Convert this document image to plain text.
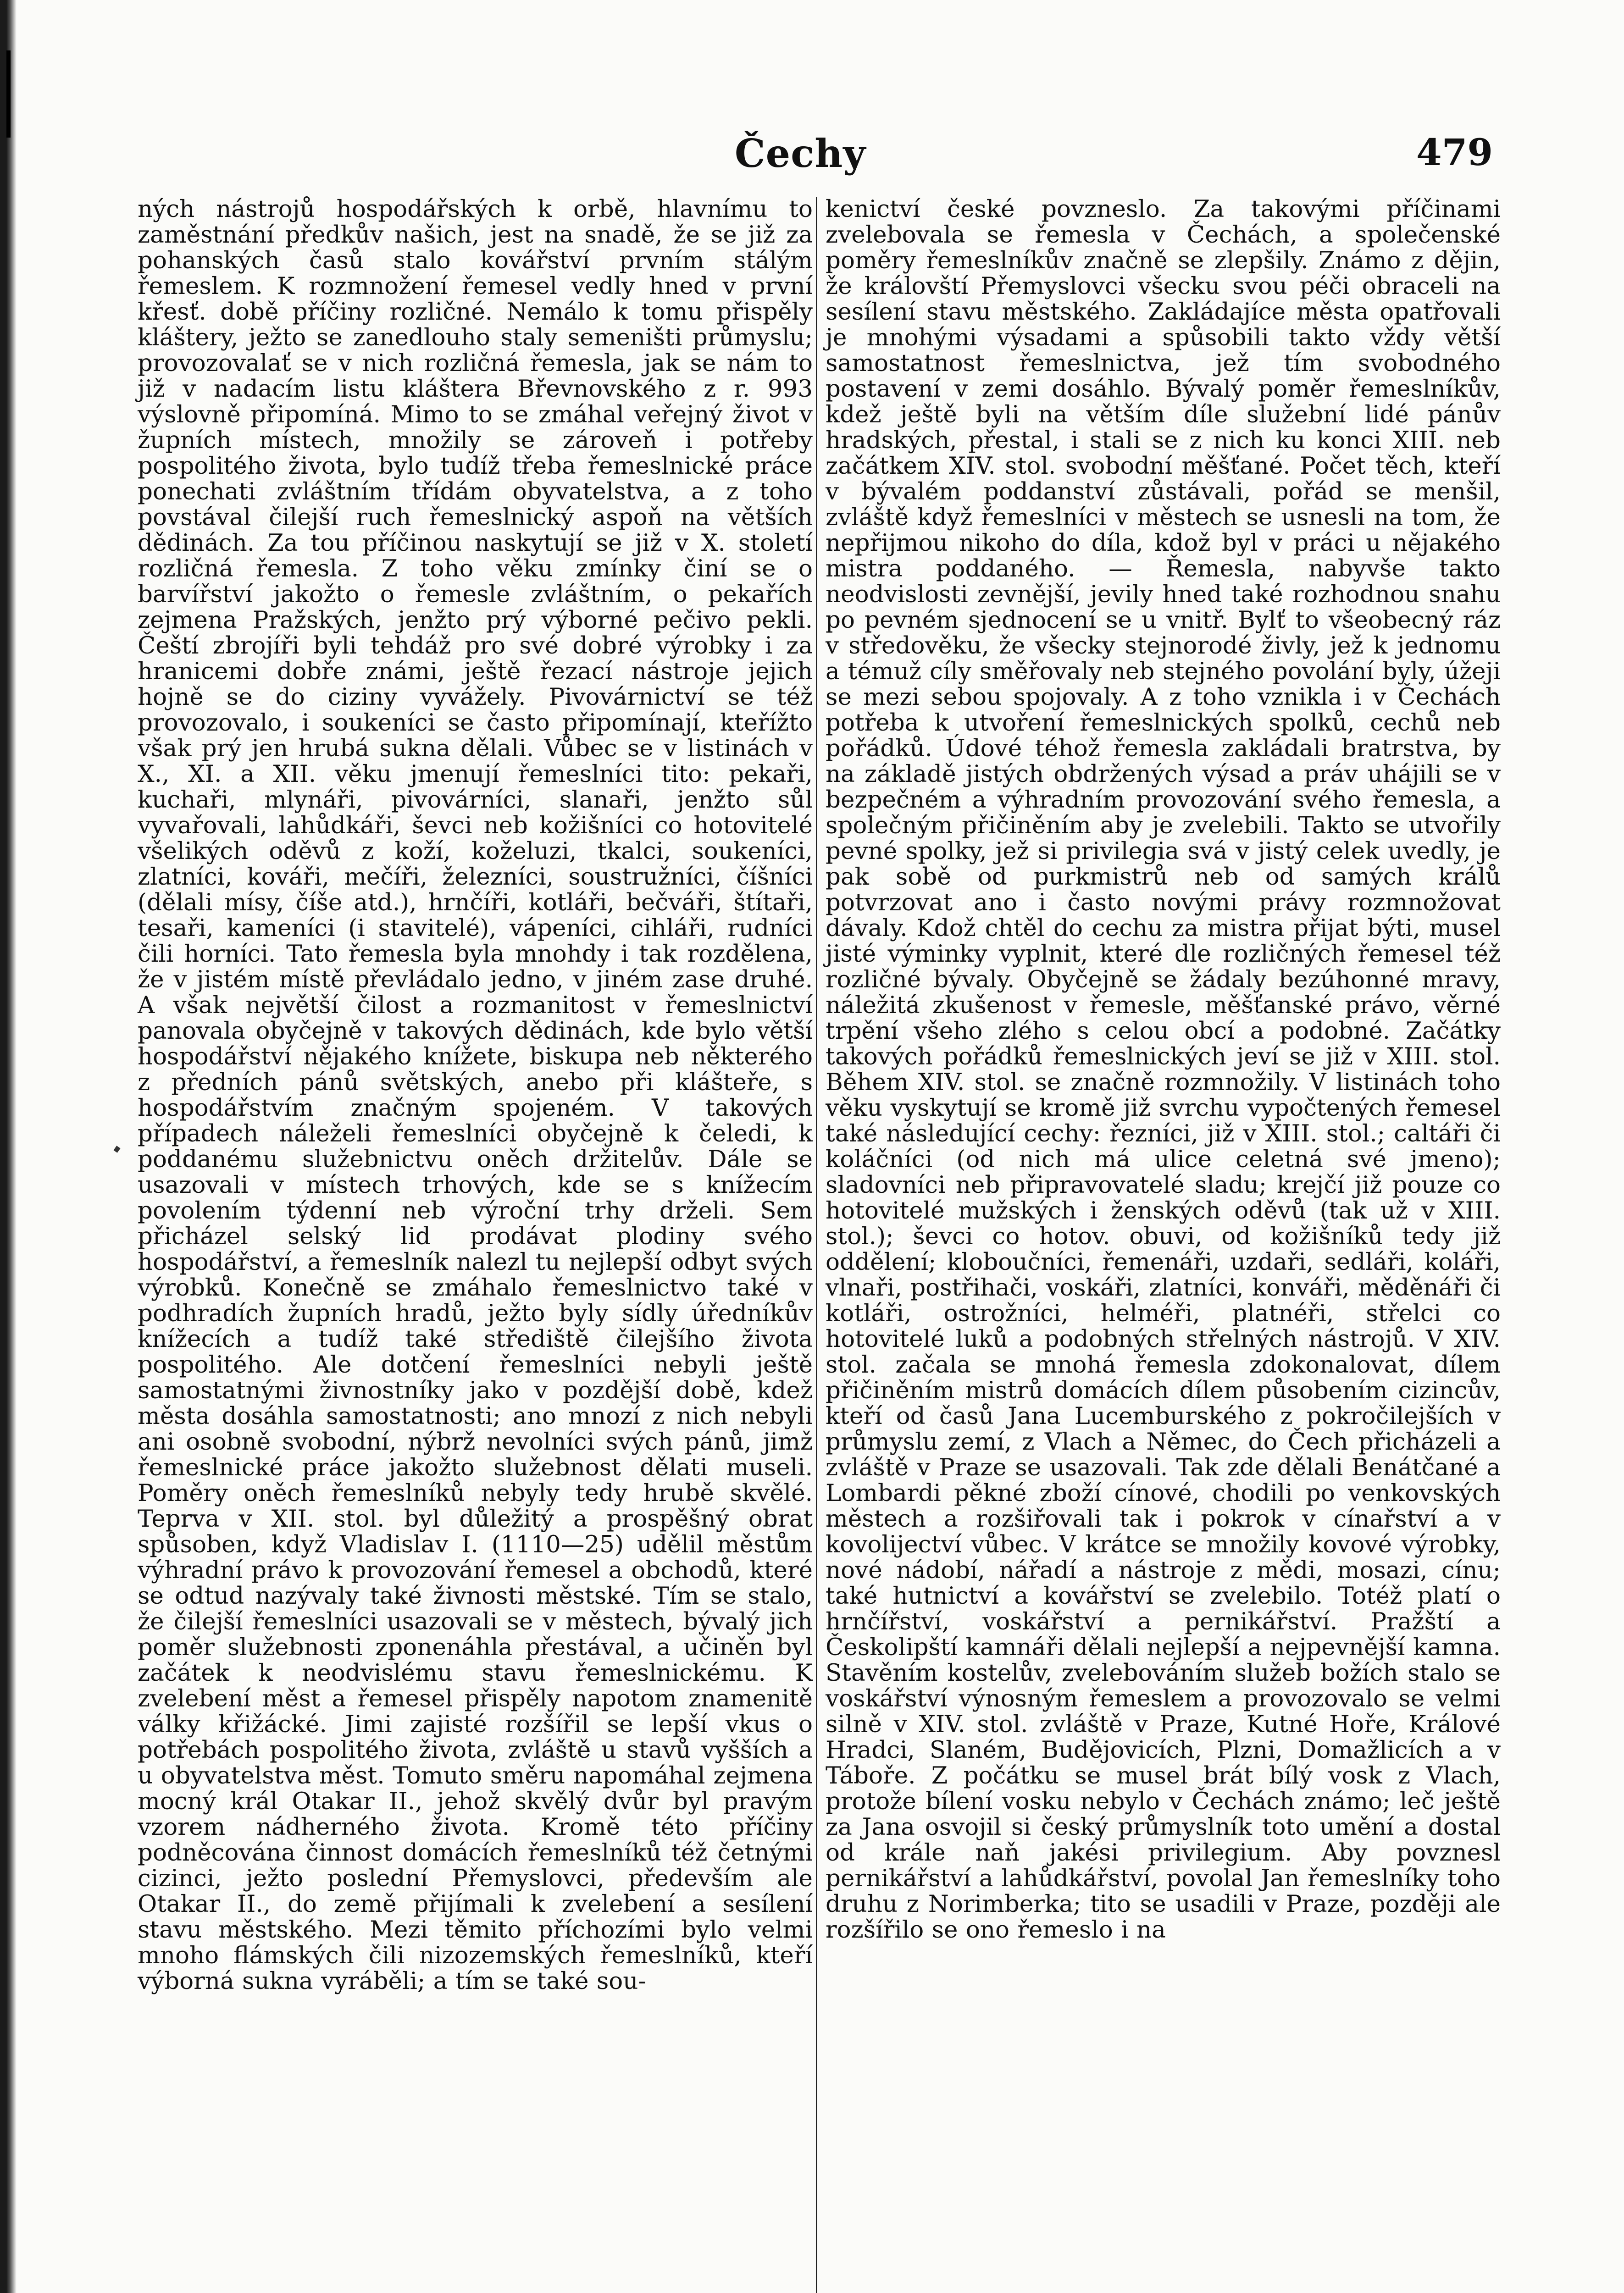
Čechy	479

ných nástrojů hospodářských k orbě, hlavnímu to zaměstnání předkův našich, jest na snadě, že se již za pohanských časů stalo kovářství prvním stálým řemeslem. K rozmnožení řemesel vedly hned v první křesť. době příčiny rozličné. Nemálo k tomu přispěly kláštery, ježto se zanedlouho staly semeništi průmyslu; provozovalať se v nich rozličná řemesla, jak se nám to již v nadacím listu kláštera Břevnovského z r. 993 výslovně připomíná. Mimo to se zmáhal veřejný život v župních místech, množily se zároveň i potřeby pospolitého života, bylo tudíž třeba řemeslnické práce ponechati zvláštním třídám obyvatelstva, a z toho povstával čilejší ruch řemeslnický aspoň na větších dědinách. Za tou příčinou naskytují se již v X. století rozličná řemesla. Z toho věku zmínky činí se o barvířství jakožto o řemesle zvláštním, o pekařích zejmena Pražských, jenžto prý výborné pečivo pekli. Čeští zbrojíři byli tehdáž pro své dobré výrobky i za hranicemi dobře známi, ještě řezací nástroje jejich hojně se do ciziny vyvážely. Pivovárnictví se též provozovalo, i soukeníci se často připomínají, kteřížto však prý jen hrubá sukna dělali. Vůbec se v listinách v X., XI. a XII. věku jmenují řemeslníci tito: pekaři, kuchaři, mlynáři, pivovárníci, slanaři, jenžto sůl vyvařovali, lahůdkáři, ševci neb kožišníci co hotovitelé všelikých oděvů z koží, koželuzi, tkalci, soukeníci, zlatníci, kováři, mečíři, železníci, soustružníci, číšníci (dělali mísy, číše atd.), hrnčíři, kotláři, bečváři, štítaři, tesaři, kameníci (i stavitelé), vápeníci, cihláři, rudníci čili horníci. Tato řemesla byla mnohdy i tak rozdělena, že v jistém místě převládalo jedno, v jiném zase druhé. A však největší čilost a rozmanitost v řemeslnictví panovala obyčejně v takových dědinách, kde bylo větší hospodářství nějakého knížete, biskupa neb některého z předních pánů světských, anebo při klášteře, s hospodářstvím značným spojeném. V takových případech náleželi řemeslníci obyčejně k čeledi, k poddanému služebnictvu oněch držitelův. Dále se usazovali v místech trhových, kde se s knížecím povolením týdenní neb výroční trhy drželi. Sem přicházel selský lid prodávat plodiny svého hospodářství, a řemeslník nalezl tu nejlepší odbyt svých výrobků. Konečně se zmáhalo řemeslnictvo také v podhradích župních hradů, ježto byly sídly úředníkův knížecích a tudíž také střediště čilejšího života pospolitého. Ale dotčení řemeslníci nebyli ještě samostatnými živnostníky jako v pozdější době, kdež města dosáhla samostatnosti; ano mnozí z nich nebyli ani osobně svobodní, nýbrž nevolníci svých pánů, jimž řemeslnické práce jakožto služebnost dělati museli. Poměry oněch řemeslníků nebyly tedy hrubě skvělé. Teprva v XII. stol. byl důležitý a prospěšný obrat spůsoben, když Vladislav I. (1110—25) udělil městům výhradní právo k provozování řemesel a obchodů, které se odtud nazývaly také živnosti městské. Tím se stalo, že čilejší řemeslníci usazovali se v městech, bývalý jich poměr služebnosti zponenáhla přestával, a učiněn byl začátek k neodvislému stavu řemeslnickému. K zvelebení měst a řemesel přispěly napotom znamenitě války křižácké. Jimi zajisté rozšířil se lepší vkus o potřebách pospolitého života, zvláště u stavů vyšších a u obyvatelstva měst. Tomuto směru napomáhal zejmena mocný král Otakar II., jehož skvělý dvůr byl pravým vzorem nádherného života. Kromě této příčiny podněcována činnost domácích řemeslníků též četnými cizinci, ježto poslední Přemyslovci, především ale Otakar II., do země přijímali k zvelebení a sesílení stavu městského. Mezi těmito příchozími bylo velmi mnoho flámských čili nizozemských řemeslníků, kteří výborná sukna vyráběli; a tím se také sou-

kenictví české povzneslo. Za takovými příčinami zvelebovala se řemesla v Čechách, a společenské poměry řemeslníkův značně se zlepšily. Známo z dějin, že královští Přemyslovci všecku svou péči obraceli na sesílení stavu městského. Zakládajíce města opatřovali je mnohými výsadami a spůsobili takto vždy větší samostatnost řemeslnictva, jež tím svobodného postavení v zemi dosáhlo. Bývalý poměr řemeslníkův, kdež ještě byli na větším díle služební lidé pánův hradských, přestal, i stali se z nich ku konci XIII. neb začátkem XIV. stol. svobodní měšťané. Počet těch, kteří v bývalém poddanství zůstávali, pořád se menšil, zvláště když řemeslníci v městech se usnesli na tom, že nepřijmou nikoho do díla, kdož byl v práci u nějakého mistra poddaného. — Řemesla, nabyvše takto neodvislosti zevnější, jevily hned také rozhodnou snahu po pevném sjednocení se u vnitř. Bylť to všeobecný ráz v středověku, že všecky stejnorodé živly, jež k jednomu a témuž cíly směřovaly neb stejného povolání byly, úžeji se mezi sebou spojovaly. A z toho vznikla i v Čechách potřeba k utvoření řemeslnických spolků, cechů neb pořádků. Údové téhož řemesla zakládali bratrstva, by na základě jistých obdržených výsad a práv uhájili se v bezpečném a výhradním provozování svého řemesla, a společným přičiněním aby je zvelebili. Takto se utvořily pevné spolky, jež si privilegia svá v jistý celek uvedly, je pak sobě od purkmistrů neb od samých králů potvrzovat ano i často novými právy rozmnožovat dávaly. Kdož chtěl do cechu za mistra přijat býti, musel jisté výminky vyplnit, které dle rozličných řemesel též rozličné bývaly. Obyčejně se žádaly bezúhonné mravy, náležitá zkušenost v řemesle, měšťanské právo, věrné trpění všeho zlého s celou obcí a podobné. Začátky takových pořádků řemeslnických jeví se již v XIII. stol. Během XIV. stol. se značně rozmnožily. V listinách toho věku vyskytují se kromě již svrchu vypočtených řemesel také následující cechy: řezníci, již v XIII. stol.; caltáři či koláčníci (od nich má ulice celetná své jmeno); sladovníci neb připravovatelé sladu; krejčí již pouze co hotovitelé mužských i ženských oděvů (tak už v XIII. stol.); ševci co hotov. obuvi, od kožišníků tedy již oddělení; kloboučníci, řemenáři, uzdaři, sedláři, koláři, vlnaři, postřihači, voskáři, zlatníci, konváři, měděnáři či kotláři, ostrožníci, helméři, platnéři, střelci co hotovitelé luků a podobných střelných nástrojů. V XIV. stol. začala se mnohá řemesla zdokonalovat, dílem přičiněním mistrů domácích dílem působením cizincův, kteří od časů Jana Lucemburského z pokročilejších v průmyslu zemí, z Vlach a Němec, do Čech přicházeli a zvláště v Praze se usazovali. Tak zde dělali Benátčané a Lombardi pěkné zboží cínové, chodili po venkovských městech a rozšiřovali tak i pokrok v cínařství a v kovolijectví vůbec. V krátce se množily kovové výrobky, nové nádobí, nářadí a nástroje z mědi, mosazi, cínu; také hutnictví a kovářství se zvelebilo. Totéž platí o hrnčířství, voskářství a pernikářství. Pražští a Českolipští kamnáři dělali nejlepší a nejpevnější kamna. Stavěním kostelův, zvelebováním služeb božích stalo se voskářství výnosným řemeslem a provozovalo se velmi silně v XIV. stol. zvláště v Praze, Kutné Hoře, Králové Hradci, Slaném, Budějovicích, Plzni, Domažlicích a v Táboře. Z počátku se musel brát bílý vosk z Vlach, protože bílení vosku nebylo v Čechách známo; leč ještě za Jana osvojil si český průmyslník toto umění a dostal od krále naň jakési privilegium. Aby povznesl pernikářství a lahůdkářství, povolal Jan řemeslníky toho druhu z Norimberka; tito se usadili v Praze, později ale rozšířilo se ono řemeslo i na
